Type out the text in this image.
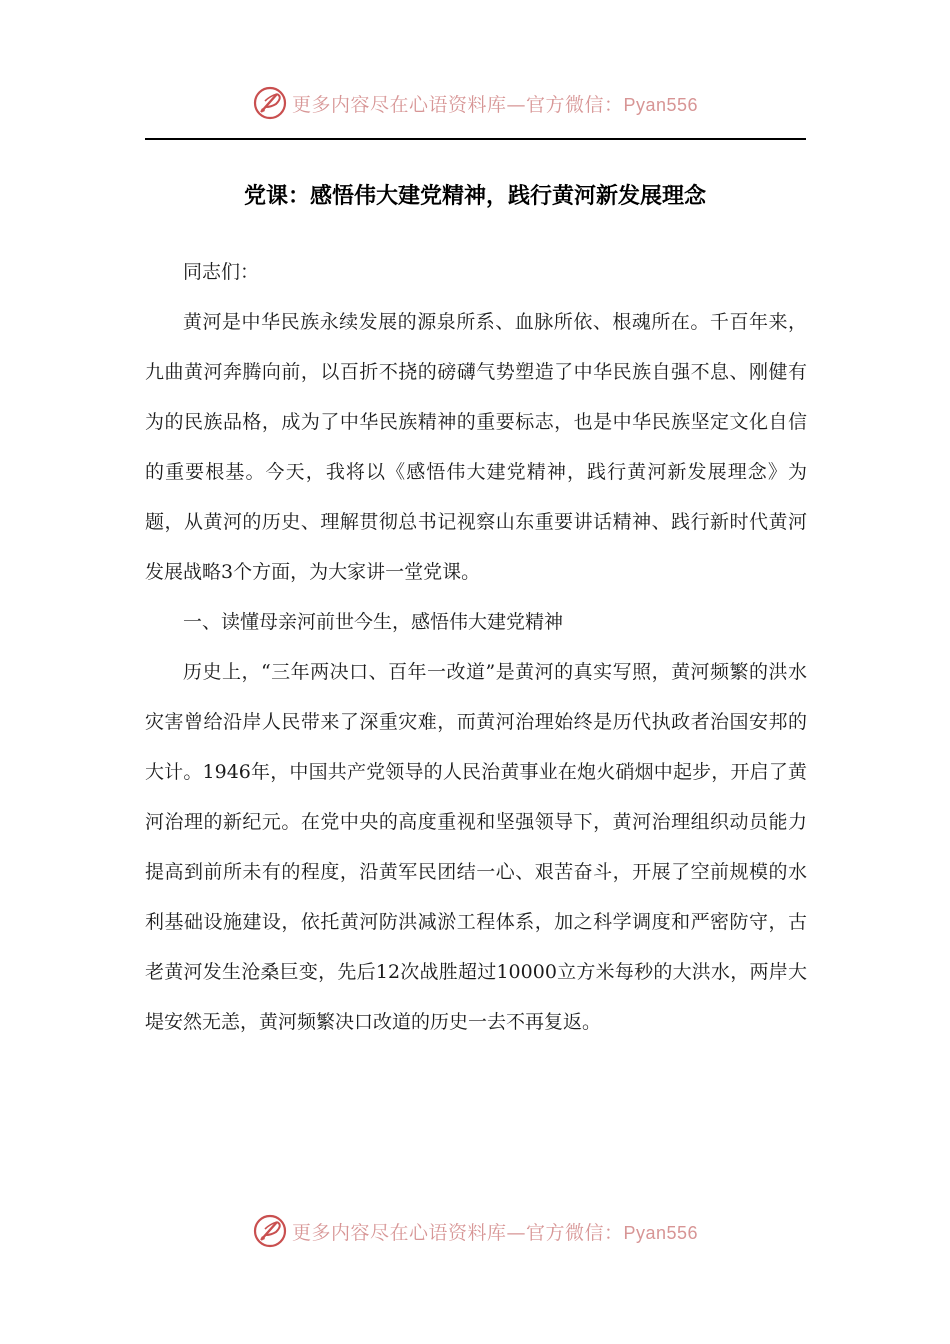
更多内容尽在心语资料库—官方微信：Pyan556
党课：感悟伟大建党精神，践行黄河新发展理念

同志们：

黄河是中华民族永续发展的源泉所系、血脉所依、根魂所在。千百年来，九曲黄河奔腾向前，以百折不挠的磅礴气势塑造了中华民族自强不息、刚健有为的民族品格，成为了中华民族精神的重要标志，也是中华民族坚定文化自信的重要根基。今天，我将以《感悟伟大建党精神，践行黄河新发展理念》为题，从黄河的历史、理解贯彻总书记视察山东重要讲话精神、践行新时代黄河发展战略3个方面，为大家讲一堂党课。

一、读懂母亲河前世今生，感悟伟大建党精神

历史上，“三年两决口、百年一改道”是黄河的真实写照，黄河频繁的洪水灾害曾给沿岸人民带来了深重灾难，而黄河治理始终是历代执政者治国安邦的大计。1946年，中国共产党领导的人民治黄事业在炮火硝烟中起步，开启了黄河治理的新纪元。在党中央的高度重视和坚强领导下，黄河治理组织动员能力提高到前所未有的程度，沿黄军民团结一心、艰苦奋斗，开展了空前规模的水利基础设施建设，依托黄河防洪减淤工程体系，加之科学调度和严密防守，古老黄河发生沧桑巨变，先后12次战胜超过10000立方米每秒的大洪水，两岸大堤安然无恙，黄河频繁决口改道的历史一去不再复返。

更多内容尽在心语资料库—官方微信：Pyan556
